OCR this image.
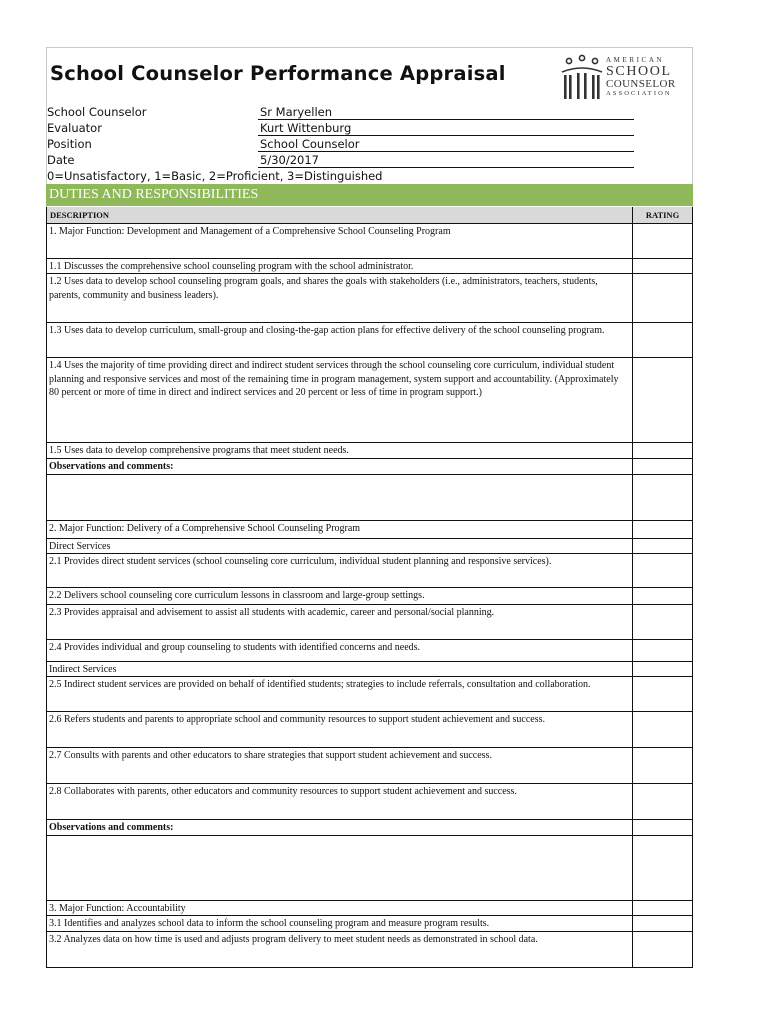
School Counselor Performance Appraisal
AMERICAN
SCHOOL
COUNSELOR
ASSOCIATION
School Counselor	Sr Maryellen
Evaluator	Kurt Wittenburg
Position	School Counselor
Date	5/30/2017
0=Unsatisfactory, 1=Basic, 2=Proficient, 3=Distinguished
DUTIES AND RESPONSIBILITIES
DESCRIPTION	RATING
1. Major Function: Development and Management of a Comprehensive School Counseling Program
1.1 Discusses the comprehensive school counseling program with the school administrator.
1.2 Uses data to develop school counseling program goals, and shares the goals with stakeholders (i.e., administrators, teachers, students, parents, community and business leaders).
1.3 Uses data to develop curriculum, small-group and closing-the-gap action plans for effective delivery of the school counseling program.
1.4 Uses the majority of time providing direct and indirect student services through the school counseling core curriculum, individual student planning and responsive services and most of the remaining time in program management, system support and accountability. (Approximately 80 percent or more of time in direct and indirect services and 20 percent or less of time in program support.)
1.5 Uses data to develop comprehensive programs that meet student needs.
Observations and comments:
2. Major Function: Delivery of a Comprehensive School Counseling Program
Direct Services
2.1 Provides direct student services (school counseling core curriculum, individual student planning and responsive services).
2.2 Delivers school counseling core curriculum lessons in classroom and large-group settings.
2.3 Provides appraisal and advisement to assist all students with academic, career and personal/social planning.
2.4 Provides individual and group counseling to students with identified concerns and needs.
Indirect Services
2.5 Indirect student services are provided on behalf of identified students; strategies to include referrals, consultation and collaboration.
2.6 Refers students and parents to appropriate school and community resources to support student achievement and success.
2.7 Consults with parents and other educators to share strategies that support student achievement and success.
2.8 Collaborates with parents, other educators and community resources to support student achievement and success.
Observations and comments:
3. Major Function: Accountability
3.1 Identifies and analyzes school data to inform the school counseling program and measure program results.
3.2 Analyzes data on how time is used and adjusts program delivery to meet student needs as demonstrated in school data.
